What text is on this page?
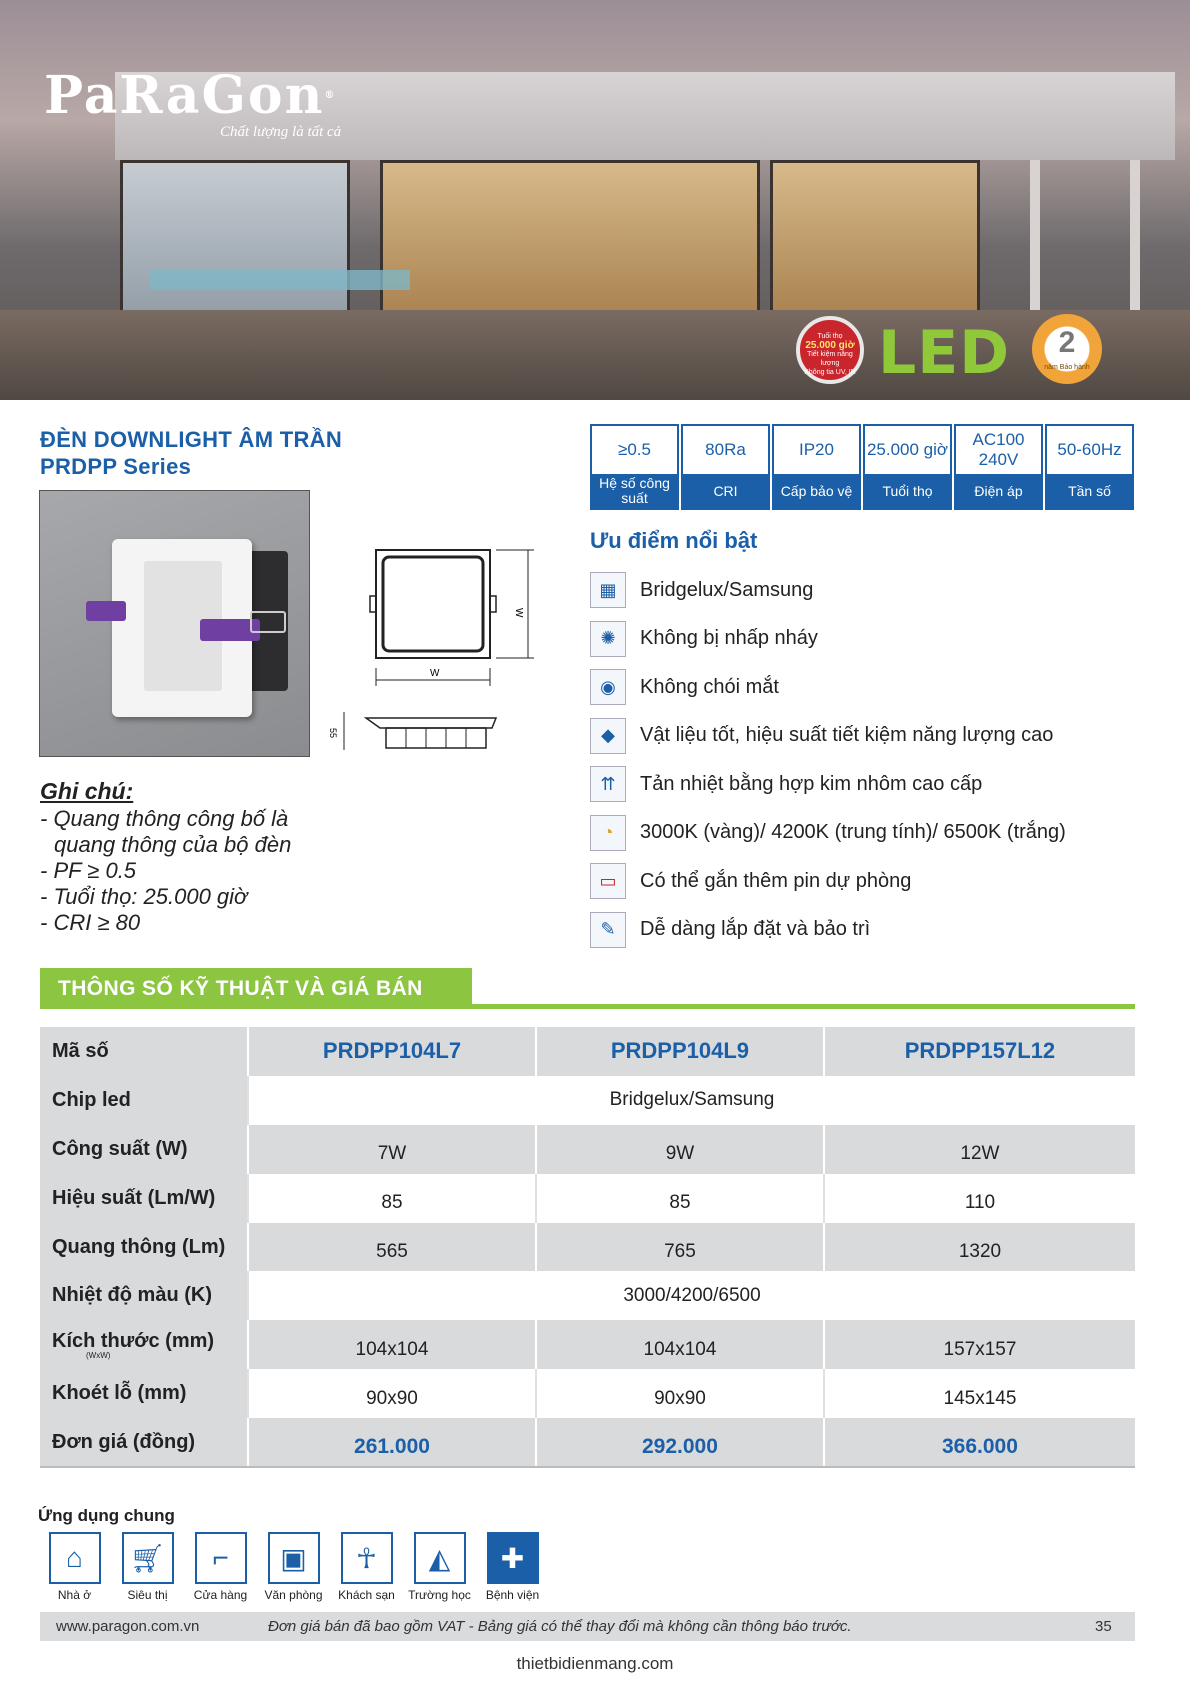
PaRaGon®
Chất lượng là tất cả
Tuổi thọ
25.000 giờ
Tiết kiệm năng lượng
Không tia UV, IR LED	2
năm Bảo hành
ĐÈN DOWNLIGHT ÂM TRẦN
PRDPP Series
W
W
55
≥0.5
Hệ số công suất
80Ra
CRI
IP20
Cấp bảo vệ
25.000 giờ
Tuổi thọ
AC100 240V
Điện áp
50-60Hz
Tần số
Ưu điểm nổi bật
▦	Bridgelux/Samsung
✺	Không bị nhấp nháy
◉	Không chói mắt
◆	Vật liệu tốt, hiệu suất tiết kiệm năng lượng cao
⇈	Tản nhiệt bằng hợp kim nhôm cao cấp
◔	3000K (vàng)/ 4200K (trung tính)/ 6500K (trắng)
▭	Có thể gắn thêm pin dự phòng
✎	Dễ dàng lắp đặt và bảo trì
Ghi chú:
- Quang thông công bố là
quang thông của bộ đèn
- PF ≥ 0.5
- Tuổi thọ: 25.000 giờ
- CRI ≥ 80
THÔNG SỐ KỸ THUẬT VÀ GIÁ BÁN
Mã số	PRDPP104L7	PRDPP104L9	PRDPP157L12
Chip led	Bridgelux/Samsung		
Công suất (W)	7W	9W	12W
Hiệu suất (Lm/W)	85	85	110
Quang thông (Lm)	565	765	1320
Nhiệt độ màu (K)	3000/4200/6500		
Kích thước (mm)
(WxW)	104x104	104x104	157x157
Khoét lỗ (mm)	90x90	90x90	145x145
Đơn giá (đồng)	261.000	292.000	366.000
Ứng dụng chung
⌂
Nhà ở
🛒︎
Siêu thị
⌐
Cửa hàng
▣
Văn phòng
☥
Khách sạn
◭
Trường học
✚
Bệnh viện
www.paragon.com.vn	Đơn giá bán đã bao gồm VAT - Bảng giá có thể thay đổi mà không cần thông báo trước.	35
thietbidienmang.com
